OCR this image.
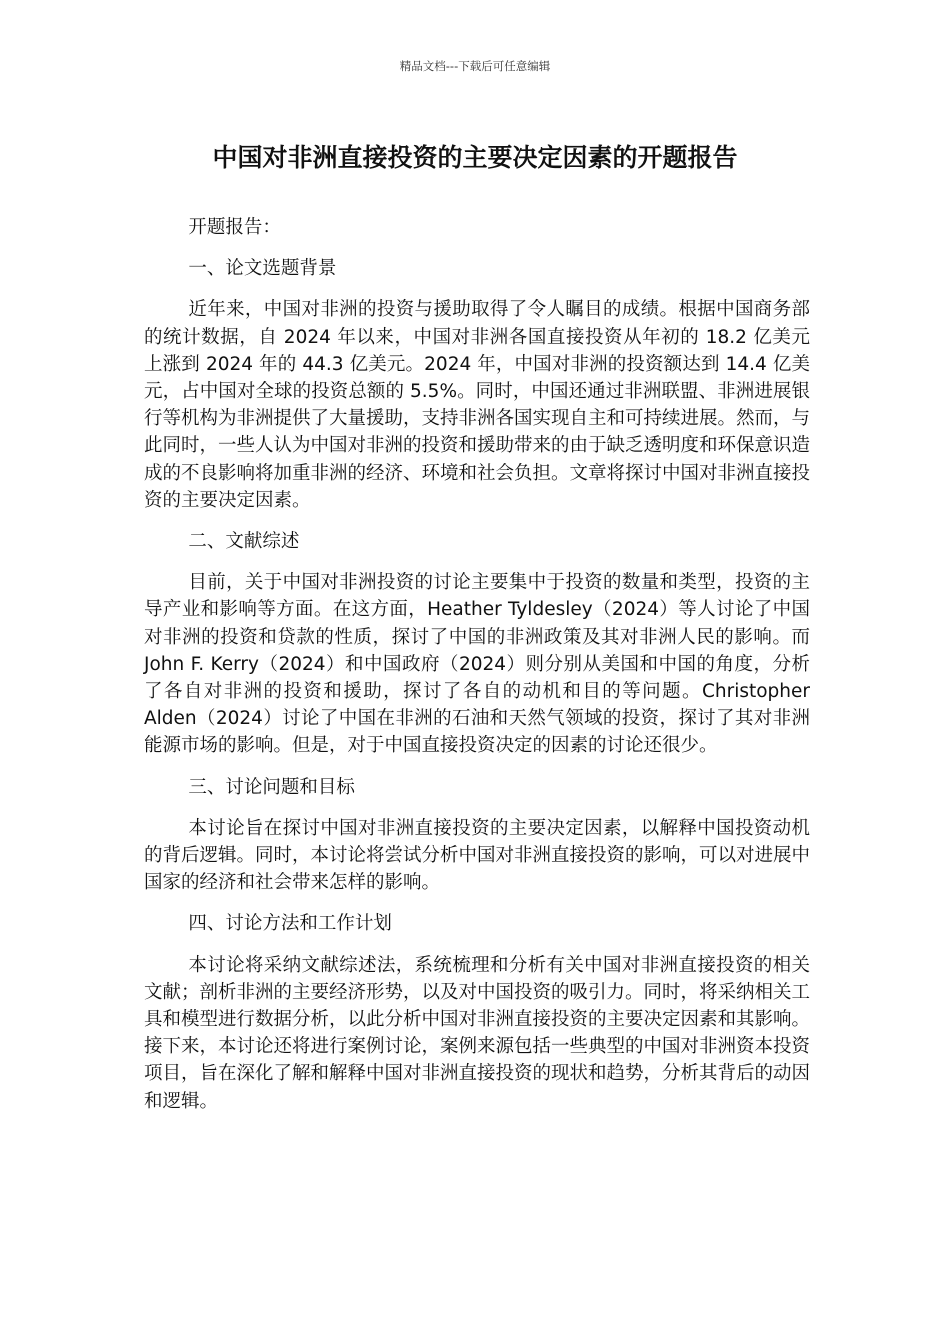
精品文档---下载后可任意编辑
中国对非洲直接投资的主要决定因素的开题报告

开题报告：

一、论文选题背景

近年来，中国对非洲的投资与援助取得了令人瞩目的成绩。根据中国商务部的统计数据，自 2024 年以来，中国对非洲各国直接投资从年初的 18.2 亿美元上涨到 2024 年的 44.3 亿美元。2024 年，中国对非洲的投资额达到 14.4 亿美元，占中国对全球的投资总额的 5.5%。同时，中国还通过非洲联盟、非洲进展银行等机构为非洲提供了大量援助，支持非洲各国实现自主和可持续进展。然而，与此同时，一些人认为中国对非洲的投资和援助带来的由于缺乏透明度和环保意识造成的不良影响将加重非洲的经济、环境和社会负担。文章将探讨中国对非洲直接投资的主要决定因素。

二、文献综述

目前，关于中国对非洲投资的讨论主要集中于投资的数量和类型，投资的主导产业和影响等方面。在这方面，Heather Tyldesley（2024）等人讨论了中国对非洲的投资和贷款的性质，探讨了中国的非洲政策及其对非洲人民的影响。而 John F. Kerry（2024）和中国政府（2024）则分别从美国和中国的角度，分析了各自对非洲的投资和援助，探讨了各自的动机和目的等问题。Christopher Alden（2024）讨论了中国在非洲的石油和天然气领域的投资，探讨了其对非洲能源市场的影响。但是，对于中国直接投资决定的因素的讨论还很少。

三、讨论问题和目标

本讨论旨在探讨中国对非洲直接投资的主要决定因素，以解释中国投资动机的背后逻辑。同时，本讨论将尝试分析中国对非洲直接投资的影响，可以对进展中国家的经济和社会带来怎样的影响。

四、讨论方法和工作计划

本讨论将采纳文献综述法，系统梳理和分析有关中国对非洲直接投资的相关文献；剖析非洲的主要经济形势，以及对中国投资的吸引力。同时，将采纳相关工具和模型进行数据分析，以此分析中国对非洲直接投资的主要决定因素和其影响。接下来，本讨论还将进行案例讨论，案例来源包括一些典型的中国对非洲资本投资项目，旨在深化了解和解释中国对非洲直接投资的现状和趋势，分析其背后的动因和逻辑。
